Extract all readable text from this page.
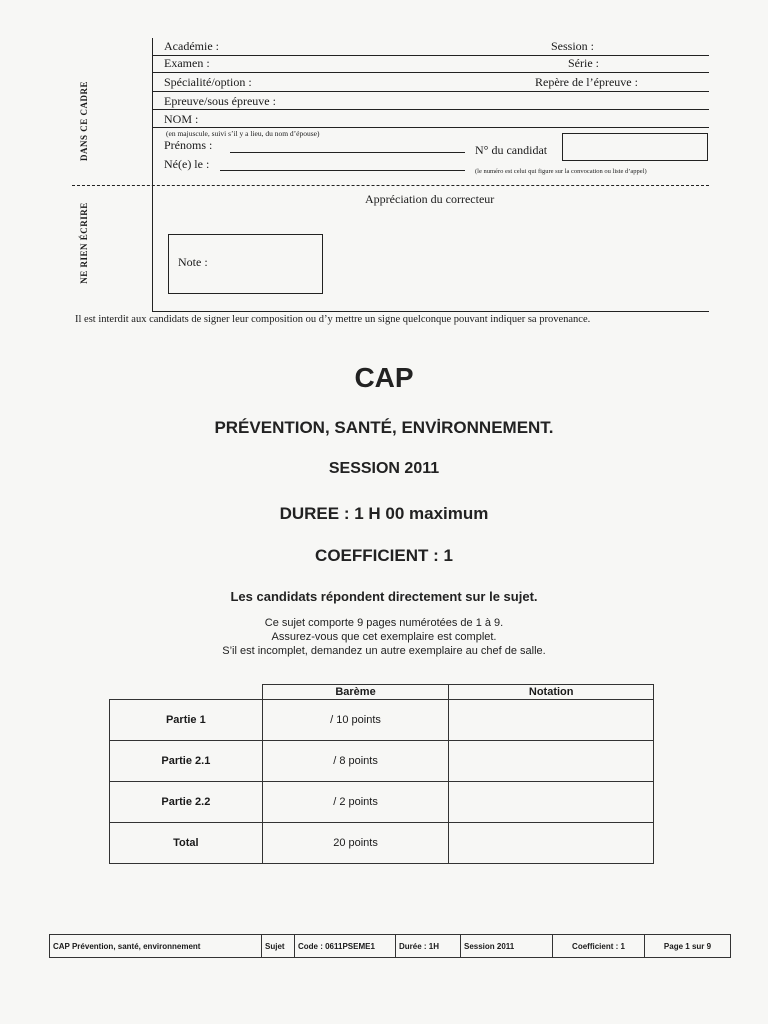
Académie :	Session :
Examen :	Série :
Spécialité/option :	Repère de l’épreuve :
Epreuve/sous épreuve :
NOM :
(en majuscule, suivi s’il y a lieu, du nom d’épouse)
Prénoms :	N° du candidat
Né(e) le :
(le numéro est celui qui figure sur la convocation ou liste d’appel)
DANS CE CADRE
NE RIEN ÉCRIRE
Appréciation du correcteur
Note :
Il est interdit aux candidats de signer leur composition ou d’y mettre un signe quelconque pouvant indiquer sa provenance.
CAP
PRÉVENTION, SANTÉ, ENVİRONNEMENT.
SESSION 2011
DUREE : 1 H 00 maximum
COEFFICIENT : 1
Les candidats répondent directement sur le sujet.
Ce sujet comporte 9 pages numérotées de 1 à 9.
Assurez-vous que cet exemplaire est complet.
S’il est incomplet, demandez un autre exemplaire au chef de salle.
	Barème	Notation
Partie 1	/ 10 points	
Partie 2.1	/ 8 points	
Partie 2.2	/ 2 points	
Total	20 points	
CAP Prévention, santé, environnement	Sujet	Code : 0611PSEME1	Durée : 1H	Session 2011	Coefficient : 1	Page 1 sur 9
